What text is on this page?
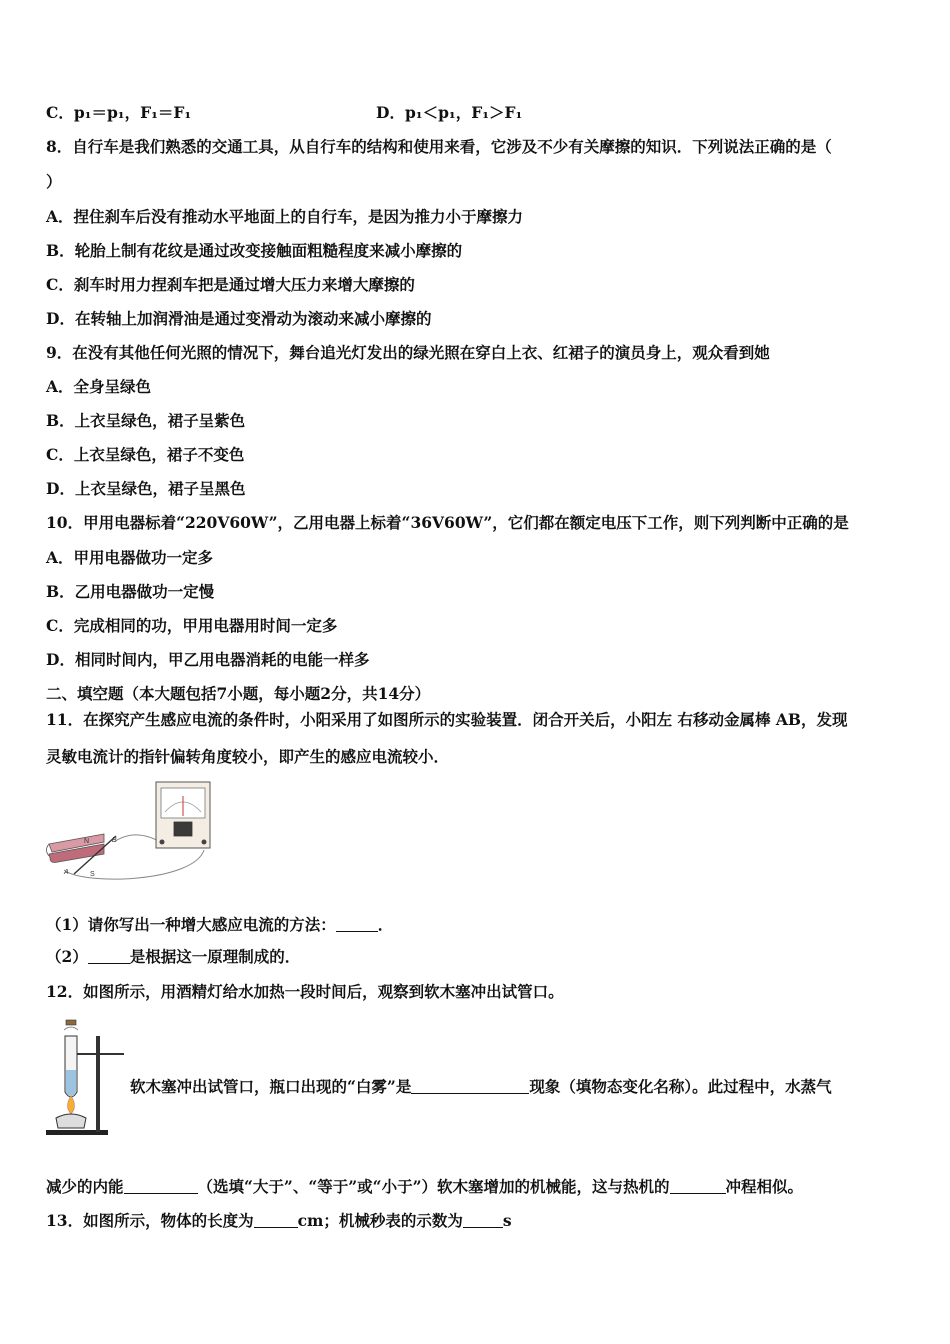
C．p₁＝p₁，F₁＝F₁	D．p₁＜p₁，F₁＞F₁
8．自行车是我们熟悉的交通工具，从自行车的结构和使用来看，它涉及不少有关摩擦的知识．下列说法正确的是（
）
A．捏住刹车后没有推动水平地面上的自行车，是因为推力小于摩擦力
B．轮胎上制有花纹是通过改变接触面粗糙程度来减小摩擦的
C．刹车时用力捏刹车把是通过增大压力来增大摩擦的
D．在转轴上加润滑油是通过变滑动为滚动来减小摩擦的
9．在没有其他任何光照的情况下，舞台追光灯发出的绿光照在穿白上衣、红裙子的演员身上，观众看到她
A．全身呈绿色
B．上衣呈绿色，裙子呈紫色
C．上衣呈绿色，裙子不变色
D．上衣呈绿色，裙子呈黑色
10．甲用电器标着“220V60W”，乙用电器上标着“36V60W”，它们都在额定电压下工作，则下列判断中正确的是
A．甲用电器做功一定多
B．乙用电器做功一定慢
C．完成相同的功，甲用电器用时间一定多
D．相同时间内，甲乙用电器消耗的电能一样多
二、填空题（本大题包括7小题，每小题2分，共14分）
11．在探究产生感应电流的条件时，小阳采用了如图所示的实验装置．闭合开关后，小阳左 右移动金属棒 AB，发现
灵敏电流计的指针偏转角度较小，即产生的感应电流较小．
N
S
A
B
（1）请你写出一种增大感应电流的方法：	．
（2）	是根据这一原理制成的．
12．如图所示，用酒精灯给水加热一段时间后，观察到软木塞冲出试管口。
软木塞冲出试管口，瓶口出现的“白雾”是	现象（填物态变化名称）。此过程中，水蒸气
减少的内能	（选填“大于”、“等于”或“小于”）软木塞增加的机械能，这与热机的	冲程相似。
13．如图所示，物体的长度为	cm；机械秒表的示数为	s
